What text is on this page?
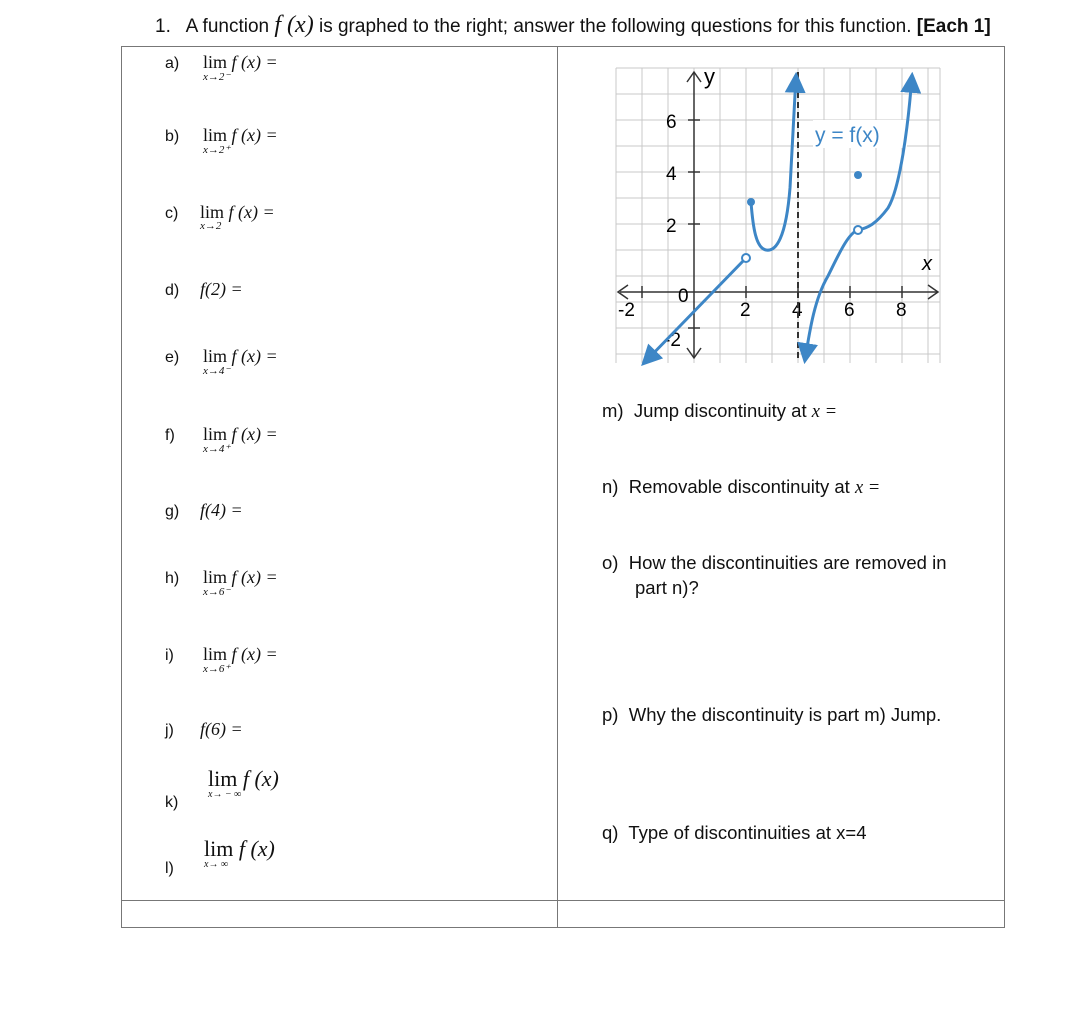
1. A function f (x) is graphed to the right; answer the following questions for this function. [Each 1]
a) lim
x→2⁻
f (x) =
b) lim
x→2⁺
f (x) =
c) lim
x→2
f (x) =
d) f(2) =
e) lim
x→4⁻
f (x) =
f) lim
x→4⁺
f (x) =
g) f(4) =
h) lim
x→6⁻
f (x) =
i) lim
x→6⁺
f (x) =
j) f(6) =
k)
lim
x→ − ∞
f (x)
l)
lim
x→ ∞
f (x)
6
4
2
-2
-2	2 4 6 8
0
y
x
y = f(x)
m) Jump discontinuity at x =
n) Removable discontinuity at x =
o) How the discontinuities are removed in
part n)?
p) Why the discontinuity is part m) Jump.
q) Type of discontinuities at x=4
